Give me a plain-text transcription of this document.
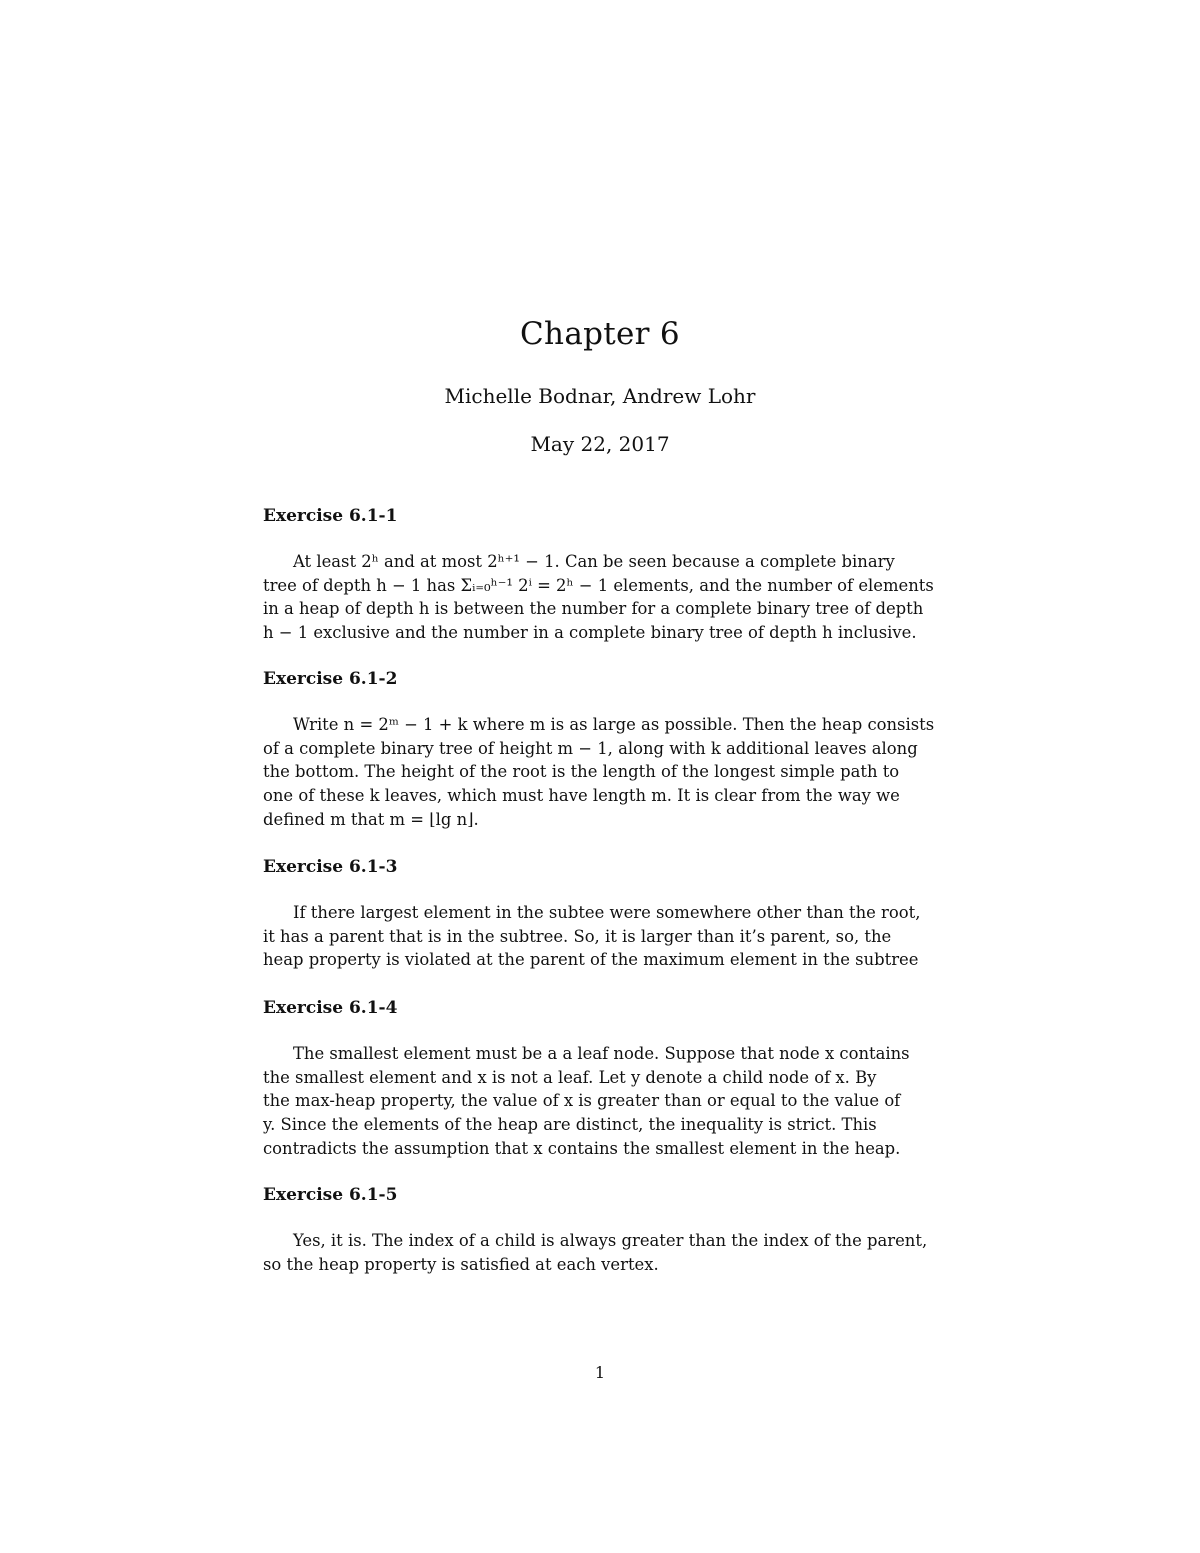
Chapter 6
Michelle Bodnar, Andrew Lohr
May 22, 2017
Exercise 6.1-1
At least 2ʰ and at most 2ʰ⁺¹ − 1. Can be seen because a complete binary
tree of depth h − 1 has Σᵢ₌₀ʰ⁻¹ 2ⁱ = 2ʰ − 1 elements, and the number of elements
in a heap of depth h is between the number for a complete binary tree of depth
h − 1 exclusive and the number in a complete binary tree of depth h inclusive.
Exercise 6.1-2
Write n = 2ᵐ − 1 + k where m is as large as possible. Then the heap consists
of a complete binary tree of height m − 1, along with k additional leaves along
the bottom. The height of the root is the length of the longest simple path to
one of these k leaves, which must have length m. It is clear from the way we
defined m that m = ⌊lg n⌋.
Exercise 6.1-3
If there largest element in the subtee were somewhere other than the root,
it has a parent that is in the subtree. So, it is larger than it’s parent, so, the
heap property is violated at the parent of the maximum element in the subtree
Exercise 6.1-4
The smallest element must be a a leaf node. Suppose that node x contains
the smallest element and x is not a leaf. Let y denote a child node of x. By
the max-heap property, the value of x is greater than or equal to the value of
y. Since the elements of the heap are distinct, the inequality is strict. This
contradicts the assumption that x contains the smallest element in the heap.
Exercise 6.1-5
Yes, it is. The index of a child is always greater than the index of the parent,
so the heap property is satisfied at each vertex.
1
